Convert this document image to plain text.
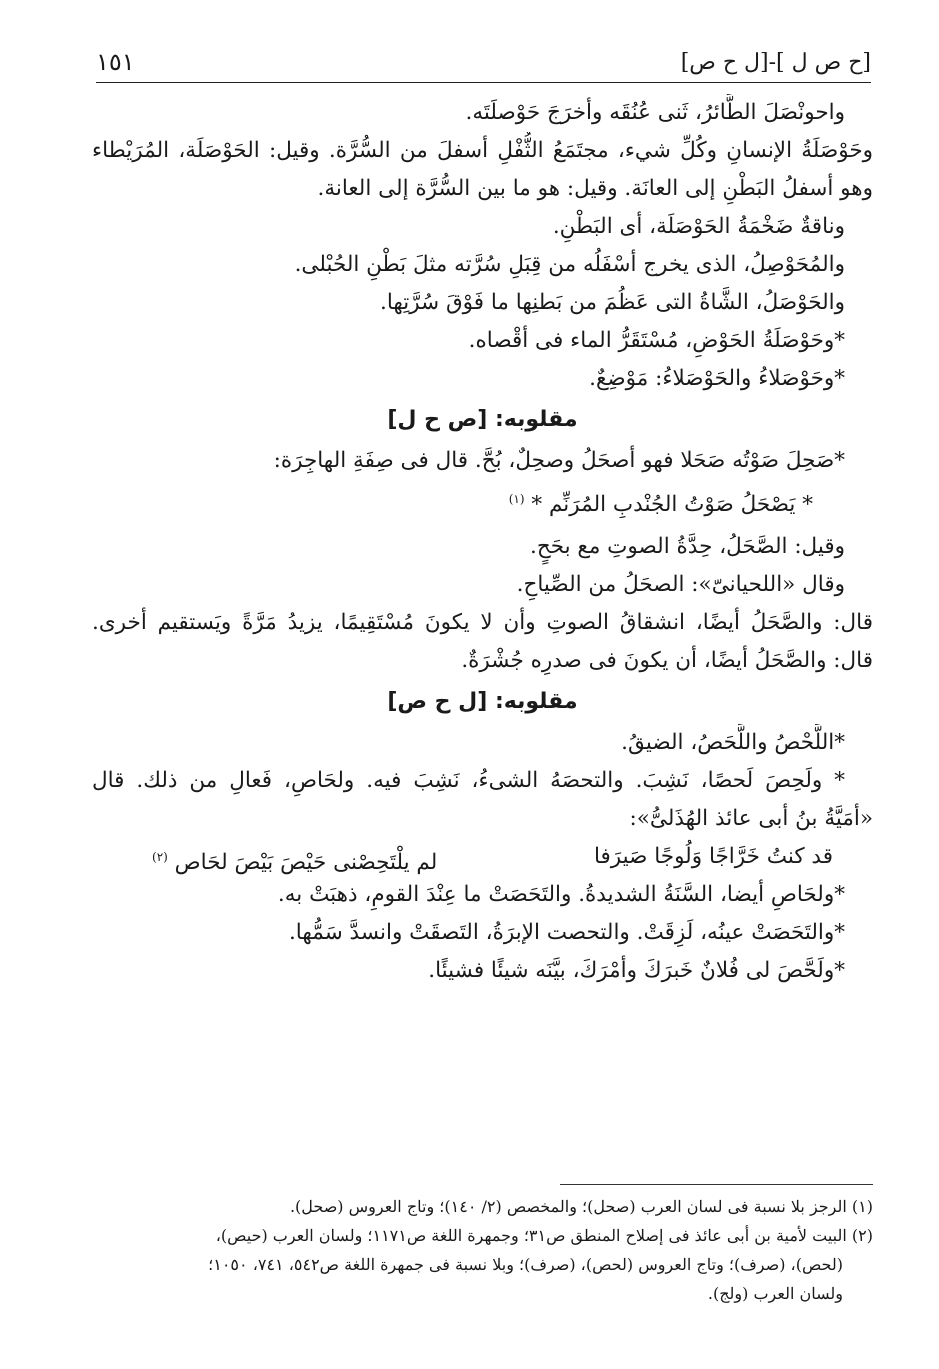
[ح ص ل ]-[ل ح ص]
١٥١
واحونْصَلَ الطَّائرُ، ثَنى عُنُقَه وأخرَجَ حَوْصلَتَه.
وحَوْصَلَةُ الإنسانِ وكُلِّ شيء، مجتَمَعُ الثُّفْلِ أسفلَ من السُّرَّة. وقيل: الحَوْصَلَة، المُرَيْطاء
وهو أسفلُ البَطْنِ إلى العانَة. وقيل: هو ما بين السُّرَّة إلى العانة.
وناقةٌ ضَخْمَةُ الحَوْصَلَة، أى البَطْنِ.
والمُحَوْصِلُ، الذى يخرج أسْفَلُه من قِبَلِ سُرَّته مثلَ بَطْنِ الحُبْلى.
والحَوْصَلُ، الشَّاةُ التى عَظُمَ من بَطنِها ما فَوْقَ سُرَّتِها.
*وحَوْصَلَةُ الحَوْضِ، مُسْتَقَرُّ الماء فى أقْصاه.
*وحَوْصَلاءُ والحَوْصَلاءُ: مَوْضِعٌ.
مقلوبه: [ص ح ل]
*صَحِلَ صَوْتُه صَحَلا فهو أصحَلُ وصحِلٌ، بُحَّ. قال فى صِفَةِ الهاجِرَة:
* يَصْحَلُ صَوْتُ الجُنْدبِ المُرَنِّمِ * $^{(١)}$
وقيل: الصَّحَلُ، حِدَّةُ الصوتِ مع بحَحٍ.
وقال «اللحيانىّ»: الصحَلُ من الصِّياحِ.
قال: والصَّحَلُ أيضًا، انشقاقُ الصوتِ وأن لا يكونَ مُسْتَقِيمًا، يزيدُ مَرَّةً ويَستقيم أخرى.
قال: والصَّحَلُ أيضًا، أن يكونَ فى صدرِه جُشْرَةٌ.
مقلوبه: [ل ح ص]
*اللَّحْصُ واللَّحَصُ، الضيقُ.
* ولَحِصَ لَحصًا، نَشِبَ. والتحصَهُ الشىءُ، نَشِبَ فيه. ولحَاصِ، فَعالِ من ذلك. قال
«أمَيَّةُ بنُ أبى عائذ الهُذَلىُّ»:
قد كنتُ خَرَّاجًا وَلُوجًا صَيرَفا
لم يلْتَحِصْنى حَيْصَ بَيْصَ لحَاصِ $^{(٢)}$
*ولحَاصِ أيضا، السَّنَةُ الشديدةُ. والتَحَصَتْ ما عِنْدَ القومِ، ذهبَتْ به.
*والتَحَصَتْ عينُه، لَزِقَتْ. والتحصت الإبرَةُ، التَصقَتْ وانسدَّ سَمُّها.
*ولَحَّصَ لى فُلانٌ خَبرَكَ وأمْرَكَ، بيَّنَه شيئًا فشيئًا.
(١) الرجز بلا نسبة فى لسان العرب (صحل)؛ والمخصص (٢/ ١٤٠)؛ وتاج العروس (صحل).
(٢) البيت لأمية بن أبى عائذ فى إصلاح المنطق ص٣١؛ وجمهرة اللغة ص١١٧١؛ ولسان العرب (حيص)،
(لحص)، (صرف)؛ وتاج العروس (لحص)، (صرف)؛ وبلا نسبة فى جمهرة اللغة ص٥٤٢، ٧٤١، ١٠٥٠؛
ولسان العرب (ولج).
